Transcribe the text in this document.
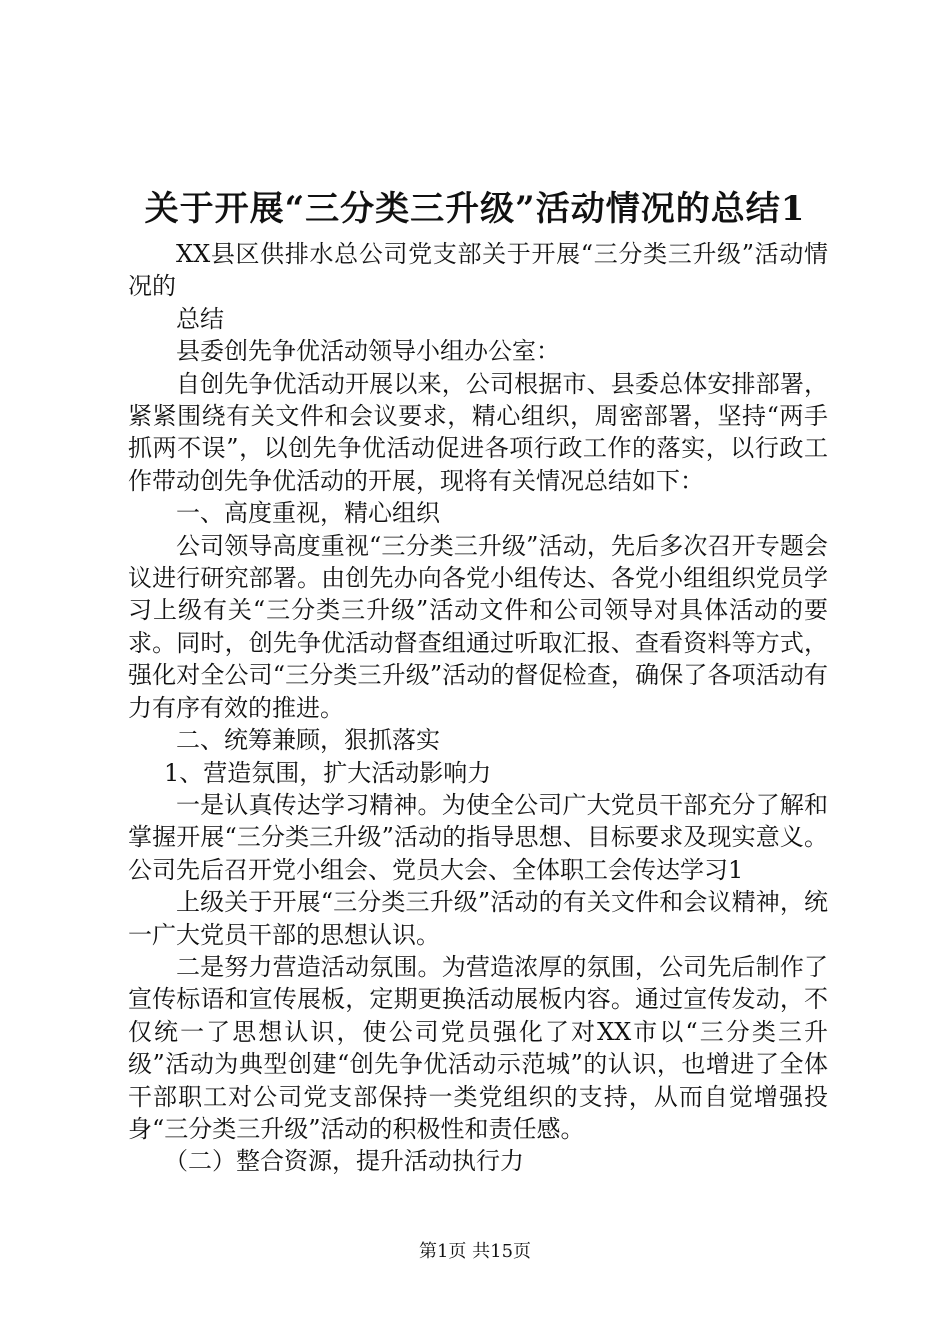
关于开展“三分类三升级”活动情况的总结1

XX县区供排水总公司党支部关于开展“三分类三升级”活动情况的

总结

县委创先争优活动领导小组办公室：

自创先争优活动开展以来，公司根据市、县委总体安排部署，紧紧围绕有关文件和会议要求，精心组织，周密部署，坚持“两手抓两不误”，以创先争优活动促进各项行政工作的落实，以行政工作带动创先争优活动的开展，现将有关情况总结如下：

一、高度重视，精心组织

公司领导高度重视“三分类三升级”活动，先后多次召开专题会议进行研究部署。由创先办向各党小组传达、各党小组组织党员学习上级有关“三分类三升级”活动文件和公司领导对具体活动的要求。同时，创先争优活动督查组通过听取汇报、查看资料等方式，强化对全公司“三分类三升级”活动的督促检查，确保了各项活动有力有序有效的推进。

二、统筹兼顾，狠抓落实

1、营造氛围，扩大活动影响力

一是认真传达学习精神。为使全公司广大党员干部充分了解和掌握开展“三分类三升级”活动的指导思想、目标要求及现实意义。公司先后召开党小组会、党员大会、全体职工会传达学习1

上级关于开展“三分类三升级”活动的有关文件和会议精神，统一广大党员干部的思想认识。

二是努力营造活动氛围。为营造浓厚的氛围，公司先后制作了宣传标语和宣传展板，定期更换活动展板内容。通过宣传发动，不仅统一了思想认识，使公司党员强化了对XX市以“三分类三升级”活动为典型创建“创先争优活动示范城”的认识，也增进了全体干部职工对公司党支部保持一类党组织的支持，从而自觉增强投身“三分类三升级”活动的积极性和责任感。

（二）整合资源，提升活动执行力

第1页 共15页
